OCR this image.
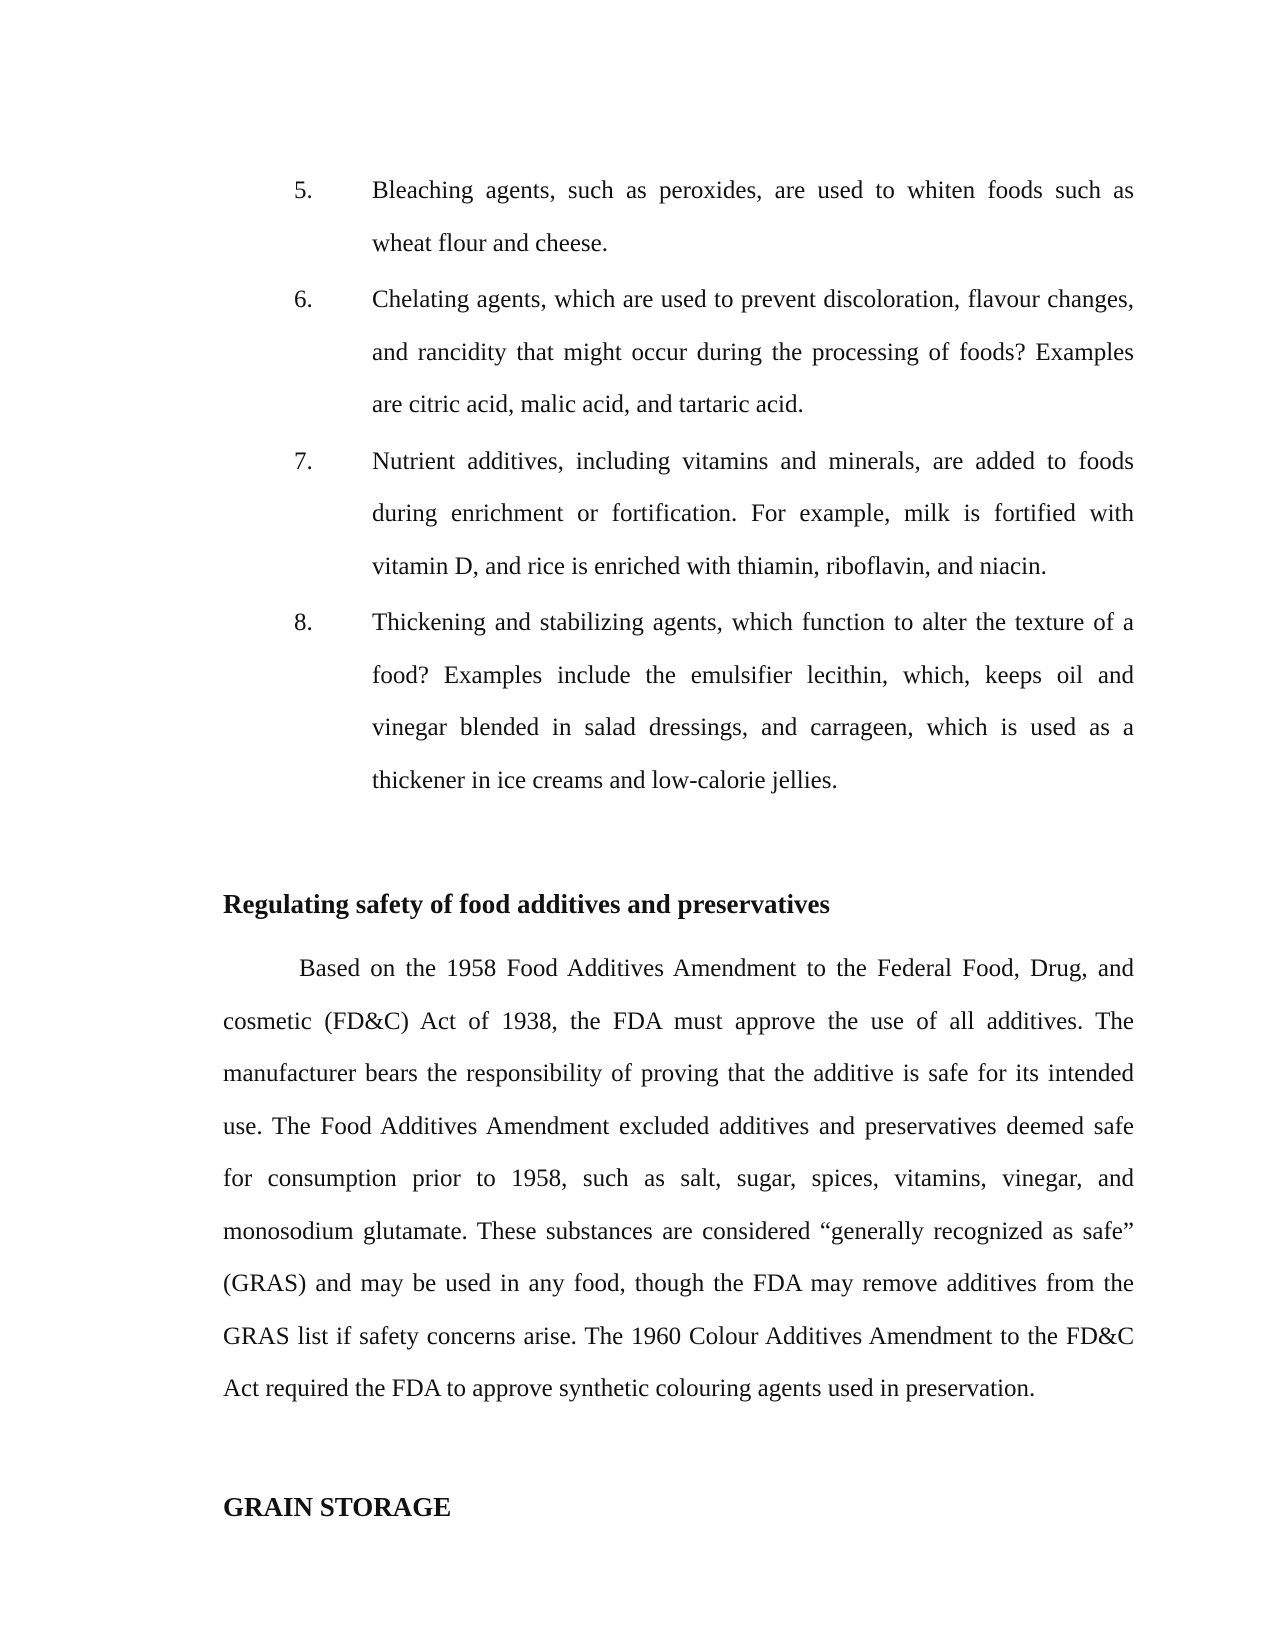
5. Bleaching agents, such as peroxides, are used to whiten foods such as wheat flour and cheese.
6. Chelating agents, which are used to prevent discoloration, flavour changes, and rancidity that might occur during the processing of foods? Examples are citric acid, malic acid, and tartaric acid.
7. Nutrient additives, including vitamins and minerals, are added to foods during enrichment or fortification. For example, milk is fortified with vitamin D, and rice is enriched with thiamin, riboflavin, and niacin.
8. Thickening and stabilizing agents, which function to alter the texture of a food? Examples include the emulsifier lecithin, which, keeps oil and vinegar blended in salad dressings, and carrageen, which is used as a thickener in ice creams and low-calorie jellies.
Regulating safety of food additives and preservatives

Based on the 1958 Food Additives Amendment to the Federal Food, Drug, and cosmetic (FD&C) Act of 1938, the FDA must approve the use of all additives. The manufacturer bears the responsibility of proving that the additive is safe for its intended use. The Food Additives Amendment excluded additives and preservatives deemed safe for consumption prior to 1958, such as salt, sugar, spices, vitamins, vinegar, and monosodium glutamate. These substances are considered “generally recognized as safe” (GRAS) and may be used in any food, though the FDA may remove additives from the GRAS list if safety concerns arise. The 1960 Colour Additives Amendment to the FD&C Act required the FDA to approve synthetic colouring agents used in preservation.

GRAIN STORAGE
